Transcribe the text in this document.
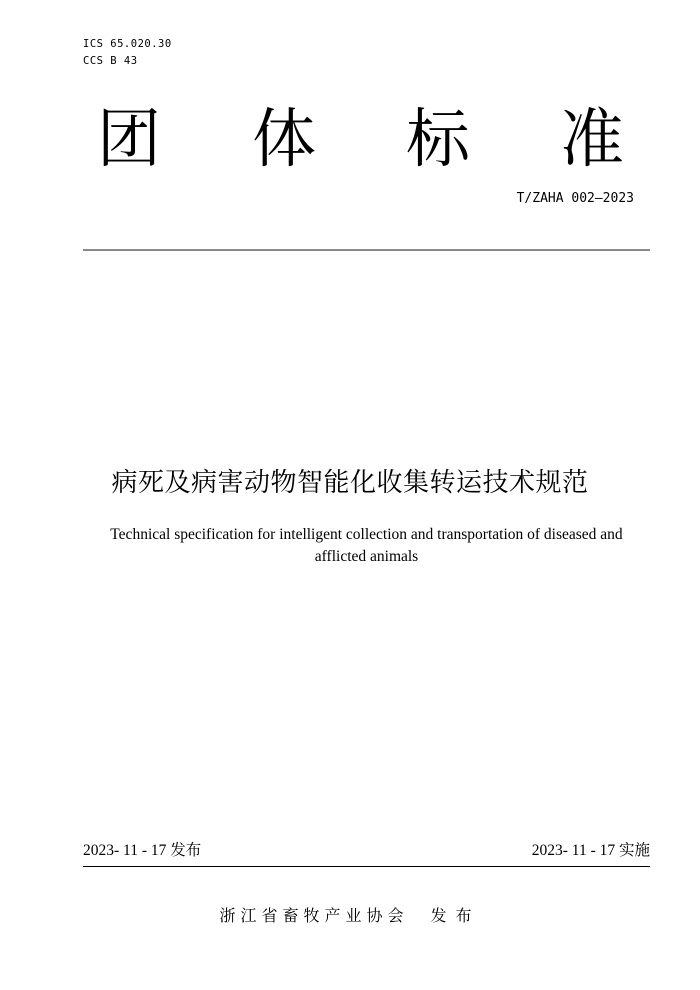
ICS 65.020.30
CCS B 43
团 体 标 准
T/ZAHA 002—2023
病死及病害动物智能化收集转运技术规范
Technical specification for intelligent collection and transportation of diseased and afflicted animals
2023- 11 - 17 发布	2023- 11 - 17 实施
浙江省畜牧产业协会 发布
